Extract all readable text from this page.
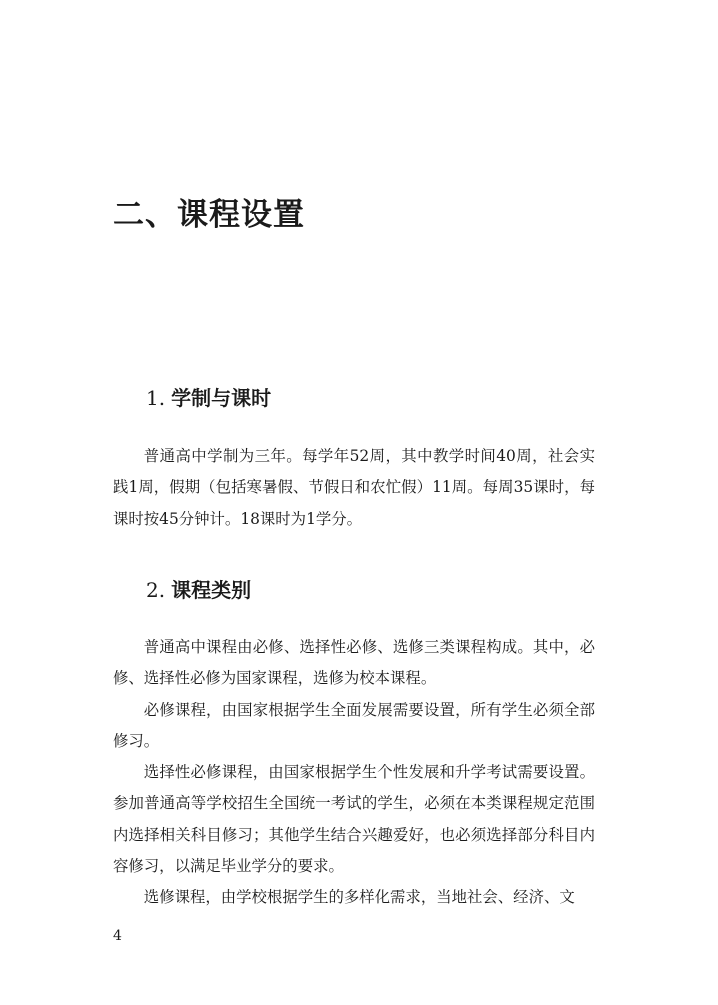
二、课程设置
1. 学制与课时

普通高中学制为三年。每学年52周，其中教学时间40周，社会实践1周，假期（包括寒暑假、节假日和农忙假）11周。每周35课时，每课时按45分钟计。18课时为1学分。

2. 课程类别

普通高中课程由必修、选择性必修、选修三类课程构成。其中，必修、选择性必修为国家课程，选修为校本课程。

必修课程，由国家根据学生全面发展需要设置，所有学生必须全部修习。

选择性必修课程，由国家根据学生个性发展和升学考试需要设置。参加普通高等学校招生全国统一考试的学生，必须在本类课程规定范围内选择相关科目修习；其他学生结合兴趣爱好，也必须选择部分科目内容修习，以满足毕业学分的要求。

选修课程，由学校根据学生的多样化需求，当地社会、经济、文

4
